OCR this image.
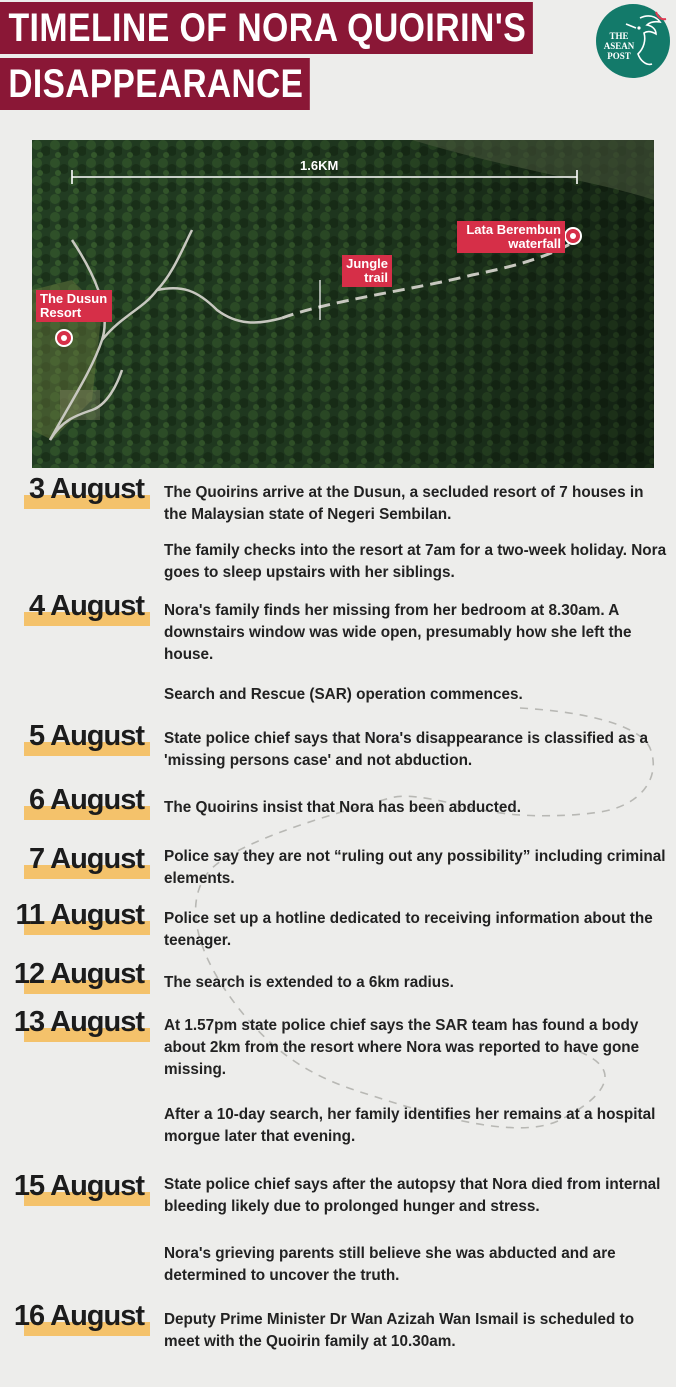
TIMELINE OF NORA QUOIRIN'S
DISAPPEARANCE
THE ASEAN POST
1.6KM
The Dusun Resort
Jungle trail
Lata Berembun waterfall
3 August The Quoirins arrive at the Dusun, a secluded resort of 7 houses in the Malaysian state of Negeri Sembilan.
The family checks into the resort at 7am for a two-week holiday. Nora goes to sleep upstairs with her siblings.
4 August Nora's family finds her missing from her bedroom at 8.30am. A downstairs window was wide open, presumably how she left the house.
Search and Rescue (SAR) operation commences.
5 August State police chief says that Nora's disappearance is classified as a 'missing persons case' and not abduction.
6 August The Quoirins insist that Nora has been abducted.
7 August Police say they are not “ruling out any possibility” including criminal elements.
11 August Police set up a hotline dedicated to receiving information about the teenager.
12 August The search is extended to a 6km radius.
13 August At 1.57pm state police chief says the SAR team has found a body about 2km from the resort where Nora was reported to have gone missing.
After a 10-day search, her family identifies her remains at a hospital morgue later that evening.
15 August State police chief says after the autopsy that Nora died from internal bleeding likely due to prolonged hunger and stress.
Nora's grieving parents still believe she was abducted and are determined to uncover the truth.
16 August Deputy Prime Minister Dr Wan Azizah Wan Ismail is scheduled to meet with the Quoirin family at 10.30am.
